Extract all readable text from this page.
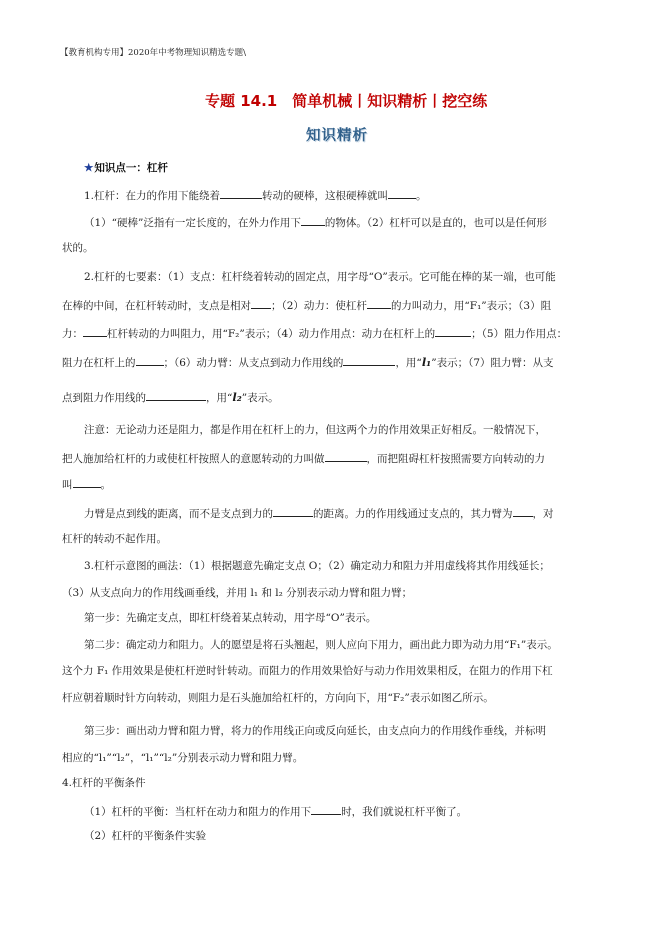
【教育机构专用】2020年中考物理知识精选专题\
专题 14.1　简单机械丨知识精析丨挖空练
知识精析
★知识点一：杠杆
1.杠杆：在力的作用下能绕着	转动的硬棒，这根硬棒就叫	。
（1）“硬棒”泛指有一定长度的，在外力作用下 的物体。（2）杠杆可以是直的，也可以是任何形
状的。
2.杠杆的七要素：（1）支点：杠杆绕着转动的固定点，用字母“O”表示。它可能在棒的某一端，也可能
在棒的中间，在杠杆转动时，支点是相对 ；（2）动力：使杠杆 的力叫动力，用“F₁”表示；（3）阻
力： 杠杆转动的力叫阻力，用“F₂”表示；（4）动力作用点：动力在杠杆上的	；（5）阻力作用点：
阻力在杠杆上的	；（6）动力臂：从支点到动力作用线的	，用“l₁”表示；（7）阻力臂：从支
点到阻力作用线的	，用“l₂”表示。
注意：无论动力还是阻力，都是作用在杠杆上的力，但这两个力的作用效果正好相反。一般情况下，
把人施加给杠杆的力或使杠杆按照人的意愿转动的力叫做	，而把阻碍杠杆按照需要方向转动的力
叫	。
力臂是点到线的距离，而不是支点到力的	的距离。力的作用线通过支点的，其力臂为 ，对
杠杆的转动不起作用。
3.杠杆示意图的画法：（1）根据题意先确定支点 O；（2）确定动力和阻力并用虚线将其作用线延长；
（3）从支点向力的作用线画垂线，并用 l₁ 和 l₂ 分别表示动力臂和阻力臂；
第一步：先确定支点，即杠杆绕着某点转动，用字母“O”表示。
第二步：确定动力和阻力。人的愿望是将石头翘起，则人应向下用力，画出此力即为动力用“F₁”表示。
这个力 F₁ 作用效果是使杠杆逆时针转动。而阻力的作用效果恰好与动力作用效果相反，在阻力的作用下杠
杆应朝着顺时针方向转动，则阻力是石头施加给杠杆的，方向向下，用“F₂”表示如图乙所示。
第三步：画出动力臂和阻力臂，将力的作用线正向或反向延长，由支点向力的作用线作垂线，并标明
相应的“l₁”“l₂”，“l₁”“l₂”分别表示动力臂和阻力臂。
4.杠杆的平衡条件
（1）杠杆的平衡：当杠杆在动力和阻力的作用下	时，我们就说杠杆平衡了。
（2）杠杆的平衡条件实验
